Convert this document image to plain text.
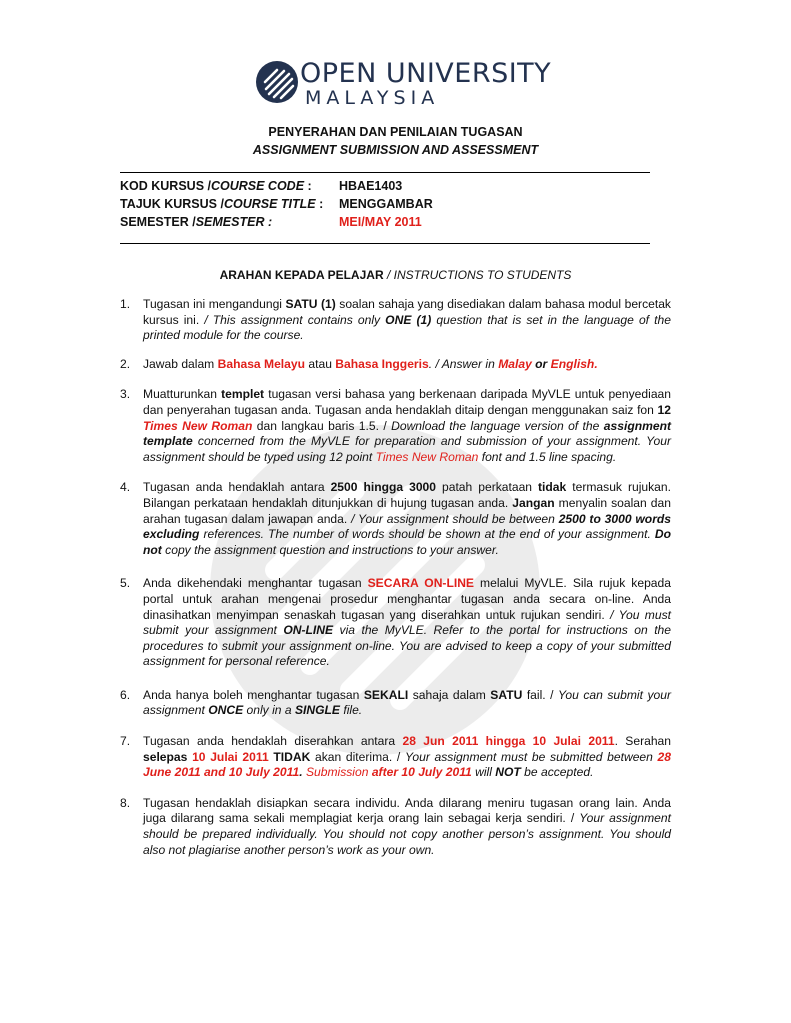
OPEN UNIVERSITY
MALAYSIA
PENYERAHAN DAN PENILAIAN TUGASAN
ASSIGNMENT SUBMISSION AND ASSESSMENT
KOD KURSUS /COURSE CODE : HBAE1403
TAJUK KURSUS /COURSE TITLE : MENGGAMBAR
SEMESTER /SEMESTER :	MEI/MAY 2011
ARAHAN KEPADA PELAJAR / INSTRUCTIONS TO STUDENTS
1. Tugasan ini mengandungi SATU (1) soalan sahaja yang disediakan dalam bahasa modul bercetak kursus ini. / This assignment contains only ONE (1) question that is set in the language of the printed module for the course.
2. Jawab dalam Bahasa Melayu atau Bahasa Inggeris. / Answer in Malay or English.
3. Muatturunkan templet tugasan versi bahasa yang berkenaan daripada MyVLE untuk penyediaan dan penyerahan tugasan anda. Tugasan anda hendaklah ditaip dengan menggunakan saiz fon 12 Times New Roman dan langkau baris 1.5. / Download the language version of the assignment template concerned from the MyVLE for preparation and submission of your assignment. Your assignment should be typed using 12 point Times New Roman font and 1.5 line spacing.
4. Tugasan anda hendaklah antara 2500 hingga 3000 patah perkataan tidak termasuk rujukan. Bilangan perkataan hendaklah ditunjukkan di hujung tugasan anda. Jangan menyalin soalan dan arahan tugasan dalam jawapan anda. / Your assignment should be between 2500 to 3000 words excluding references. The number of words should be shown at the end of your assignment. Do not copy the assignment question and instructions to your answer.
5. Anda dikehendaki menghantar tugasan SECARA ON-LINE melalui MyVLE. Sila rujuk kepada portal untuk arahan mengenai prosedur menghantar tugasan anda secara on-line. Anda dinasihatkan menyimpan senaskah tugasan yang diserahkan untuk rujukan sendiri. / You must submit your assignment ON-LINE via the MyVLE. Refer to the portal for instructions on the procedures to submit your assignment on-line. You are advised to keep a copy of your submitted assignment for personal reference.
6. Anda hanya boleh menghantar tugasan SEKALI sahaja dalam SATU fail. / You can submit your assignment ONCE only in a SINGLE file.
7. Tugasan anda hendaklah diserahkan antara 28 Jun 2011 hingga 10 Julai 2011. Serahan selepas 10 Julai 2011 TIDAK akan diterima. / Your assignment must be submitted between 28 June 2011 and 10 July 2011. Submission after 10 July 2011 will NOT be accepted.
8. Tugasan hendaklah disiapkan secara individu. Anda dilarang meniru tugasan orang lain. Anda juga dilarang sama sekali memplagiat kerja orang lain sebagai kerja sendiri. / Your assignment should be prepared individually. You should not copy another person’s assignment. You should also not plagiarise another person’s work as your own.
